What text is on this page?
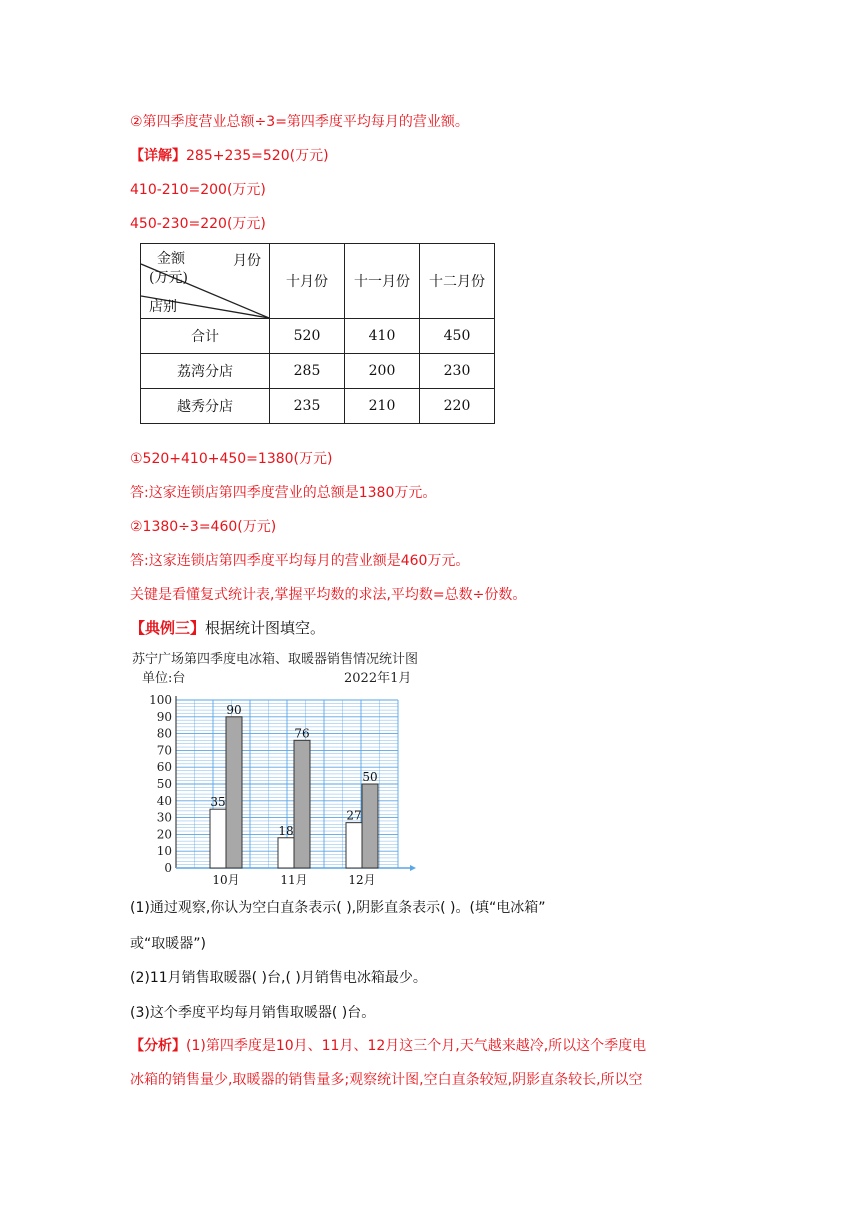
②第四季度营业总额÷3=第四季度平均每月的营业额。
【详解】285+235=520(万元)
410-210=200(万元)
450-230=220(万元)
月份
金额
(万元)
店别	十月份	十一月份	十二月份
合计	520	410	450
荔湾分店	285	200	230
越秀分店	235	210	220
①520+410+450=1380(万元)
答:这家连锁店第四季度营业的总额是1380万元。
②1380÷3=460(万元)
答:这家连锁店第四季度平均每月的营业额是460万元。
关键是看懂复式统计表,掌握平均数的求法,平均数=总数÷份数。
【典例三】根据统计图填空。
苏宁广场第四季度电冰箱、取暖器销售情况统计图
单位:台	2022年1月
0
10
20
30
40
50
60
70
80
90
100
35
90
10月
18
76
11月
27
50
12月
(1)通过观察,你认为空白直条表示( ),阴影直条表示( )。(填“电冰箱”
或“取暖器”)
(2)11月销售取暖器( )台,( )月销售电冰箱最少。
(3)这个季度平均每月销售取暖器( )台。
【分析】(1)第四季度是10月、11月、12月这三个月,天气越来越冷,所以这个季度电
冰箱的销售量少,取暖器的销售量多;观察统计图,空白直条较短,阴影直条较长,所以空
